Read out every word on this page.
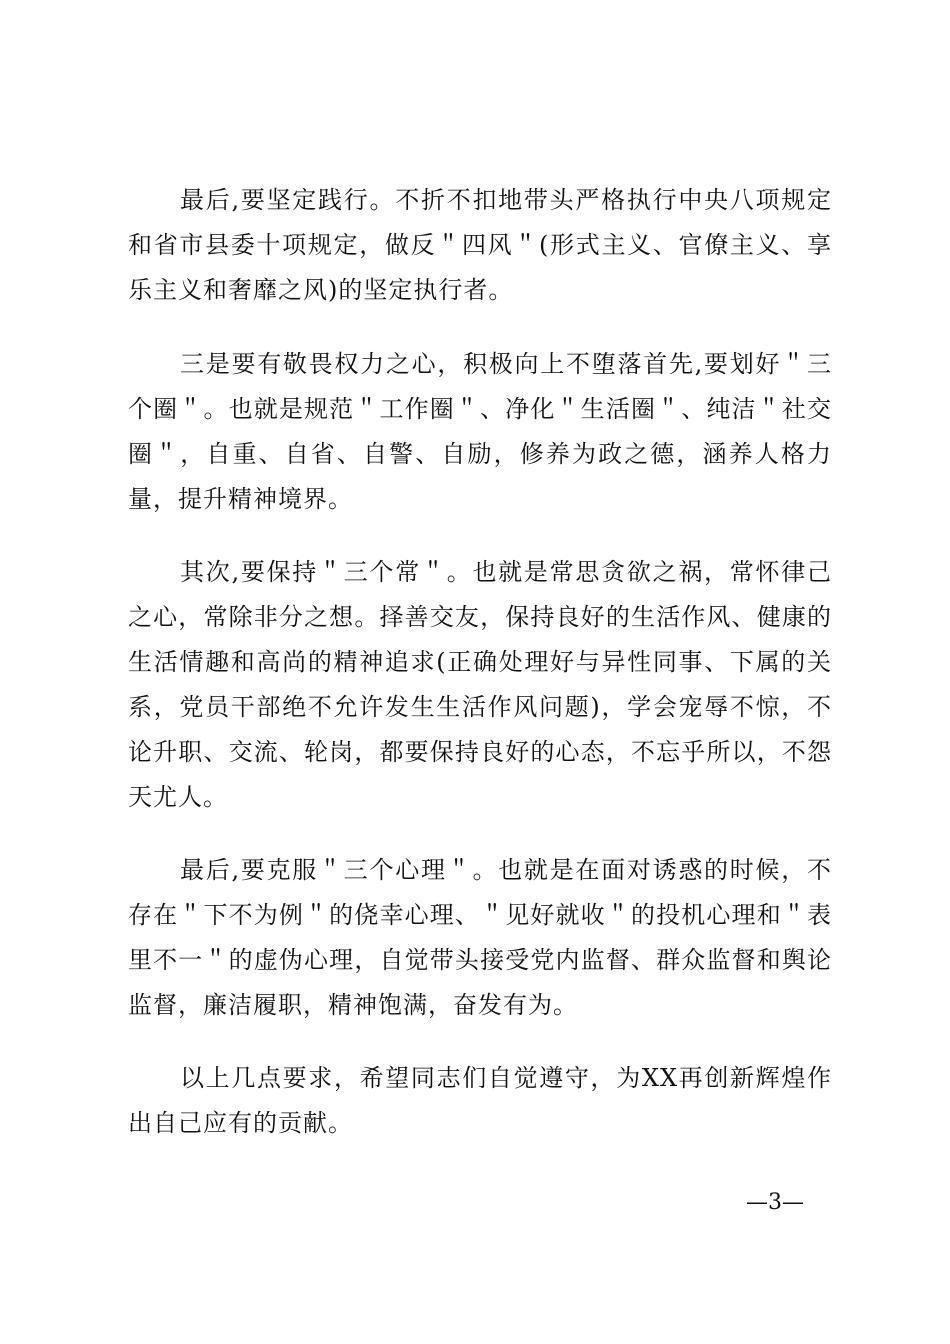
最后,要坚定践行。不折不扣地带头严格执行中央八项规定和省市县委十项规定，做反＂四风＂(形式主义、官僚主义、享乐主义和奢靡之风)的坚定执行者。

三是要有敬畏权力之心，积极向上不堕落首先,要划好＂三个圈＂。也就是规范＂工作圈＂、净化＂生活圈＂、纯洁＂社交圈＂，自重、自省、自警、自励，修养为政之德，涵养人格力量，提升精神境界。

其次,要保持＂三个常＂。也就是常思贪欲之祸，常怀律己之心，常除非分之想。择善交友，保持良好的生活作风、健康的生活情趣和高尚的精神追求(正确处理好与异性同事、下属的关系，党员干部绝不允许发生生活作风问题)，学会宠辱不惊，不论升职、交流、轮岗，都要保持良好的心态，不忘乎所以，不怨天尤人。

最后,要克服＂三个心理＂。也就是在面对诱惑的时候，不存在＂下不为例＂的侥幸心理、＂见好就收＂的投机心理和＂表里不一＂的虚伪心理，自觉带头接受党内监督、群众监督和舆论监督，廉洁履职，精神饱满，奋发有为。

以上几点要求，希望同志们自觉遵守，为XX再创新辉煌作出自己应有的贡献。

—3—
